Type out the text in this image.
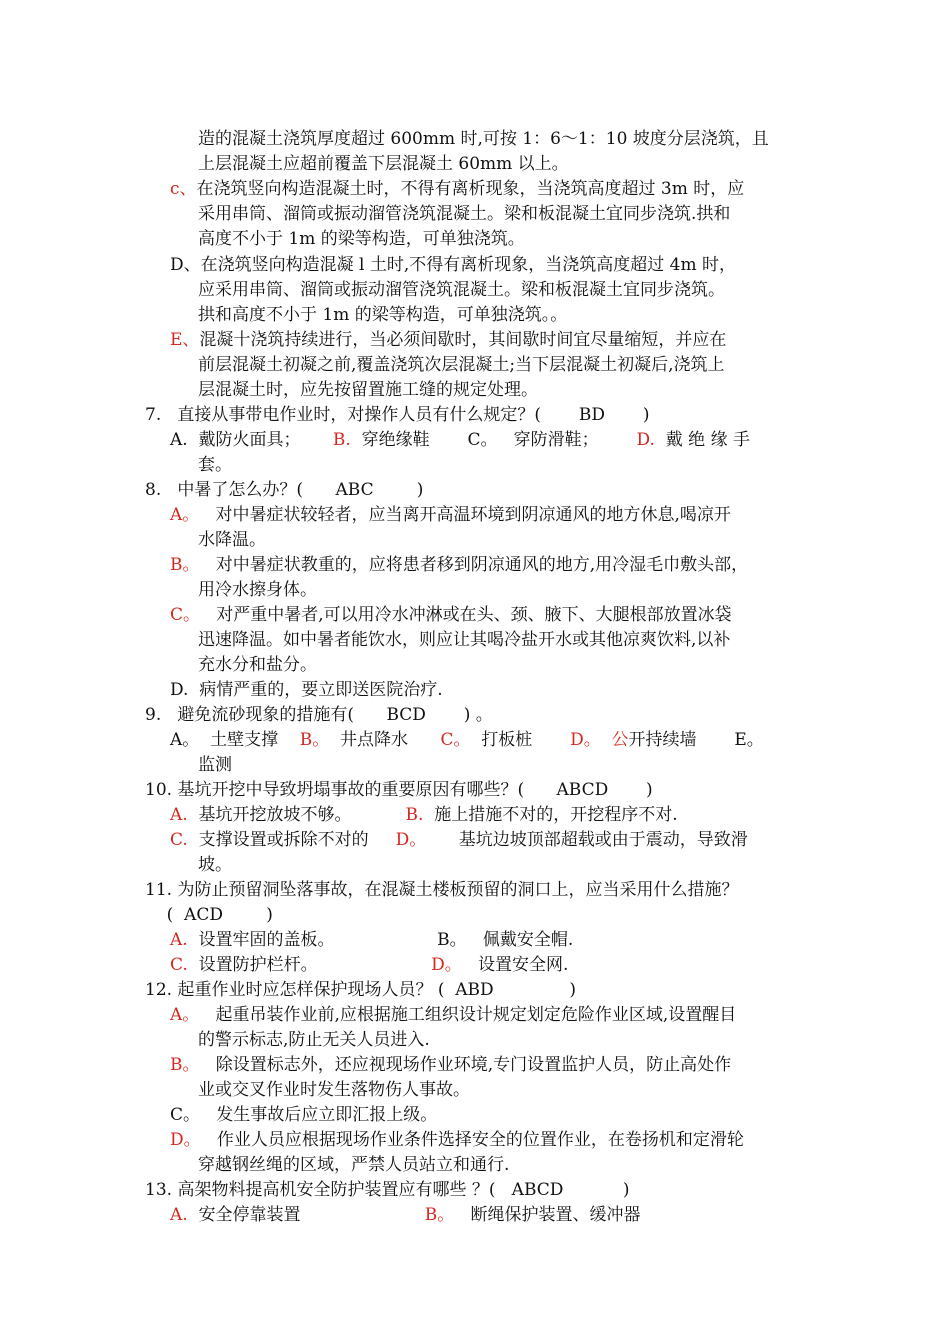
造的混凝土浇筑厚度超过 600mm 时,可按 1：6～1：10 坡度分层浇筑，且
上层混凝土应超前覆盖下层混凝土 60mm 以上。
c、在浇筑竖向构造混凝土时，不得有离析现象，当浇筑高度超过 3m 时，应
采用串筒、溜筒或振动溜管浇筑混凝土。梁和板混凝土宜同步浇筑.拱和
高度不小于 1m 的梁等构造，可单独浇筑。
D、在浇筑竖向构造混凝 l 土时,不得有离析现象，当浇筑高度超过 4m 时，
应采用串筒、溜筒或振动溜管浇筑混凝土。梁和板混凝土宜同步浇筑。
拱和高度不小于 1m 的梁等构造，可单独浇筑。。
E、混凝十浇筑持续进行，当必须间歇时，其间歇时间宜尽量缩短，并应在
前层混凝土初凝之前,覆盖浇筑次层混凝土;当下层混凝土初凝后,浇筑上
层混凝土时，应先按留置施工缝的规定处理。
7.   直接从事带电作业时，对操作人员有什么规定？(       BD       )
A.  戴防火面具；      B.  穿绝缘鞋       C。   穿防滑鞋；       D.  戴 绝 缘 手
套。
8.   中暑了怎么办？(      ABC        )
A。   对中暑症状较轻者，应当离开高温环境到阴凉通风的地方休息,喝凉开
水降温。
B。   对中暑症状教重的，应将患者移到阴凉通风的地方,用冷湿毛巾敷头部，
用冷水擦身体。
C。   对严重中暑者,可以用冷水冲淋或在头、颈、腋下、大腿根部放置冰袋
迅速降温。如中暑者能饮水，则应让其喝冷盐开水或其他凉爽饮料,以补
充水分和盐分。
D.  病情严重的，要立即送医院治疗.
9.   避免流砂现象的措施有(      BCD       ) 。
A。  土壁支撑    B。  井点降水      C。  打板桩       D。  公开持续墙       E。
监测
10. 基坑开挖中导致坍塌事故的重要原因有哪些？(      ABCD       )
A.  基坑开挖放坡不够。          B.  施上措施不对的，开挖程序不对.
C.  支撑设置或拆除不对的     D。      基坑边坡顶部超载或由于震动，导致滑
坡。
11. 为防止预留洞坠落事故，在混凝土楼板预留的洞口上，应当采用什么措施？
(  ACD        )
A.  设置牢固的盖板。                   B。   佩戴安全帽.
C.  设置防护栏杆。                     D。   设置安全网.
12. 起重作业时应怎样保护现场人员？ (  ABD              )
A。   起重吊装作业前,应根据施工组织设计规定划定危险作业区域,设置醒目
的警示标志,防止无关人员进入.
B。   除设置标志外，还应视现场作业环境,专门设置监护人员，防止高处作
业或交叉作业时发生落物伤人事故。
C。   发生事故后应立即汇报上级。
D。   作业人员应根据现场作业条件选择安全的位置作业，在卷扬机和定滑轮
穿越钢丝绳的区域，严禁人员站立和通行.
13. 高架物料提高机安全防护装置应有哪些 ？(   ABCD           )
A.  安全停靠装置                       B。   断绳保护装置、缓冲器
